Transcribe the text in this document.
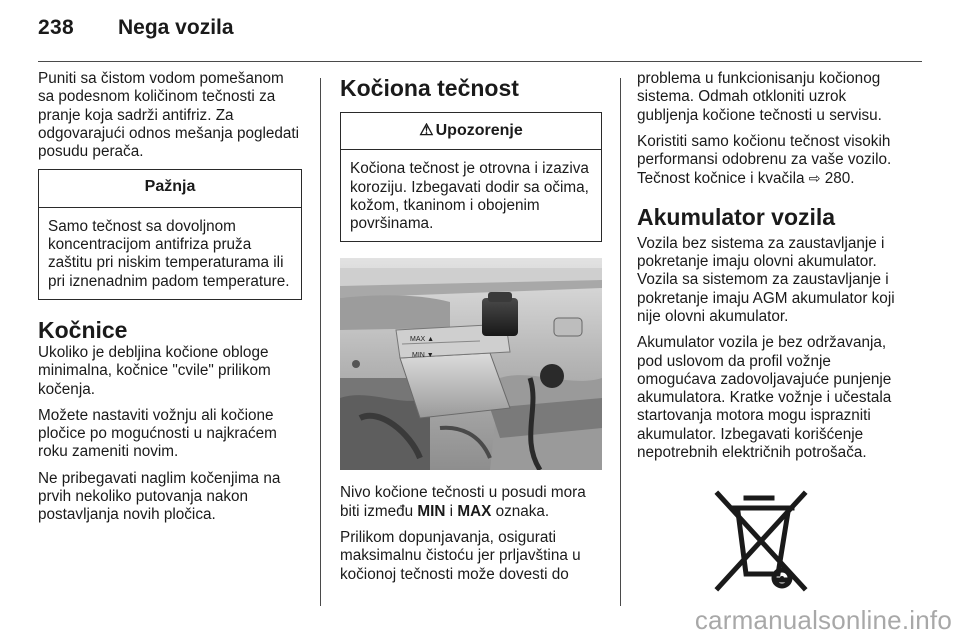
238 Nega vozila

Puniti sa čistom vodom pomešanom sa podesnom količinom tečnosti za pranje koja sadrži antifriz. Za odgovarajući odnos mešanja pogledati posudu perača.

Pažnja
Samo tečnost sa dovoljnom koncentracijom antifriza pruža zaštitu pri niskim temperaturama ili pri iznenadnim padom temperature.
Kočnice

Ukoliko je debljina kočione obloge minimalna, kočnice "cvile" prilikom kočenja.

Možete nastaviti vožnju ali kočione pločice po mogućnosti u najkraćem roku zameniti novim.

Ne pribegavati naglim kočenjima na prvih nekoliko putovanja nakon postavljanja novih pločica.

Kočiona tečnost
⚠ Upozorenje
Kočiona tečnost je otrovna i izaziva koroziju. Izbegavati dodir sa očima, kožom, tkaninom i obojenim površinama.
MAX ▲
MIN ▼

Nivo kočione tečnosti u posudi mora biti između MIN i MAX oznaka.

Prilikom dopunjavanja, osigurati maksimalnu čistoću jer prljavština u kočionoj tečnosti može dovesti do

problema u funkcionisanju kočionog sistema. Odmah otkloniti uzrok gubljenja kočione tečnosti u servisu.

Koristiti samo kočionu tečnost visokih performansi odobrenu za vaše vozilo. Tečnost kočnice i kvačila ⇨ 280.

Akumulator vozila

Vozila bez sistema za zaustavljanje i pokretanje imaju olovni akumulator. Vozila sa sistemom za zaustavljanje i pokretanje imaju AGM akumulator koji nije olovni akumulator.

Akumulator vozila je bez održavanja, pod uslovom da profil vožnje omogućava zadovoljavajuće punjenje akumulatora. Kratke vožnje i učestala startovanja motora mogu isprazniti akumulator. Izbegavati korišćenje nepotrebnih električnih potrošača.

carmanualsonline.info
